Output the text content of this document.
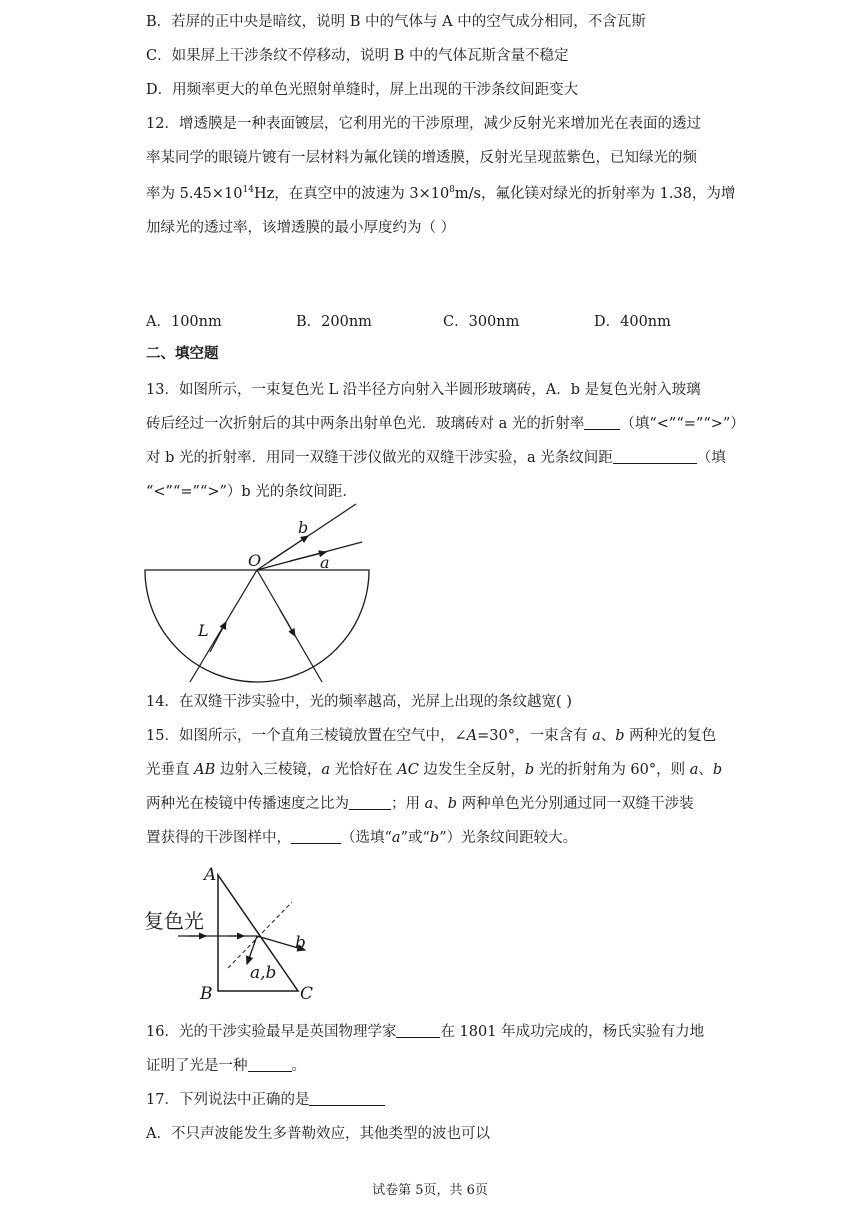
B．若屏的正中央是暗纹，说明 B 中的气体与 A 中的空气成分相同，不含瓦斯
C．如果屏上干涉条纹不停移动，说明 B 中的气体瓦斯含量不稳定
D．用频率更大的单色光照射单缝时，屏上出现的干涉条纹间距变大
12．增透膜是一种表面镀层，它利用光的干涉原理，减少反射光来增加光在表面的透过
率某同学的眼镜片镀有一层材料为氟化镁的增透膜，反射光呈现蓝紫色，已知绿光的频
率为 $5.45\times 10^{14}Hz$，在真空中的波速为 $3\times 10^8m/s$，氟化镁对绿光的折射率为 1.38，为增
加绿光的透过率，该增透膜的最小厚度约为（ ）
A．100nm	B．200nm	C．300nm	D．400nm
二、填空题
13．如图所示，一束复色光 L 沿半径方向射入半圆形玻璃砖，A．b 是复色光射入玻璃
砖后经过一次折射后的其中两条出射单色光．玻璃砖对 a 光的折射率 （填“<”“=”“>”）
对 b 光的折射率．用同一双缝干涉仪做光的双缝干涉实验，a 光条纹间距	（填
“<”“=”“>”）b 光的条纹间距．
b
a
O
L
14．在双缝干涉实验中，光的频率越高，光屏上出现的条纹越宽( )
15．如图所示，一个直角三棱镜放置在空气中，∠A=30°，一束含有 a、b 两种光的复色
光垂直 AB 边射入三棱镜，a 光恰好在 AC 边发生全反射，b 光的折射角为 60°，则 a、b
两种光在棱镜中传播速度之比为	；用 a、b 两种单色光分别通过同一双缝干涉装
置获得的干涉图样中，	（选填“a”或“b”）光条纹间距较大。
A
B	C
复色光
b
a,b
16．光的干涉实验最早是英国物理学家	在 1801 年成功完成的，杨氏实验有力地
证明了光是一种	。
17．下列说法中正确的是
A．不只声波能发生多普勒效应，其他类型的波也可以
试卷第 5页，共 6页
